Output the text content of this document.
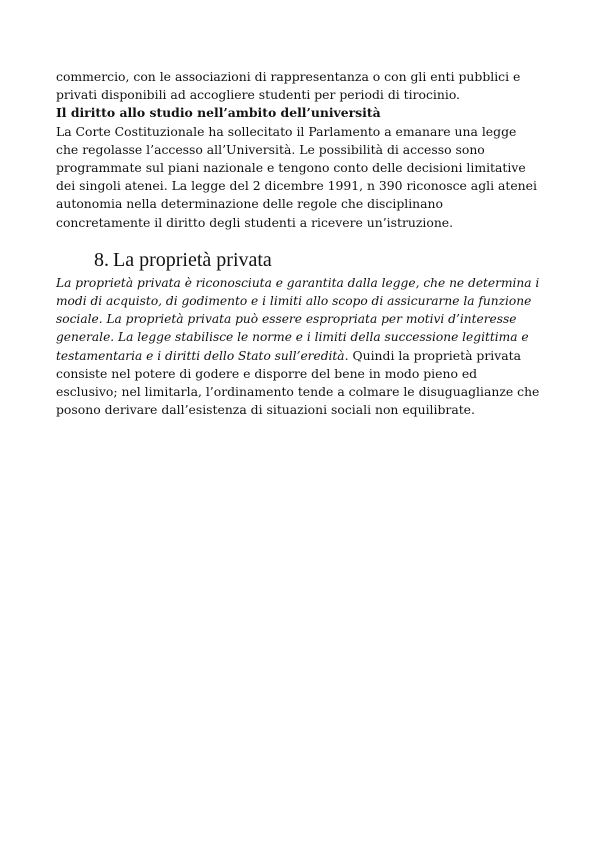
commercio, con le associazioni di rappresentanza o con gli enti pubblici e privati disponibili ad accogliere studenti per periodi di tirocinio.

Il diritto allo studio nell’ambito dell’università

La Corte Costituzionale ha sollecitato il Parlamento a emanare una legge che regolasse l’accesso all’Università. Le possibilità di accesso sono programmate sul piani nazionale e tengono conto delle decisioni limitative dei singoli atenei. La legge del 2 dicembre 1991, n 390 riconosce agli atenei autonomia nella determinazione delle regole che disciplinano concretamente il diritto degli studenti a ricevere un’istruzione.

8. La proprietà privata

La proprietà privata è riconosciuta e garantita dalla legge, che ne determina i modi di acquisto, di godimento e i limiti allo scopo di assicurarne la funzione sociale. La proprietà privata può essere espropriata per motivi d’interesse generale. La legge stabilisce le norme e i limiti della successione legittima e testamentaria e i diritti dello Stato sull’eredità. Quindi la proprietà privata consiste nel potere di godere e disporre del bene in modo pieno ed esclusivo; nel limitarla, l’ordinamento tende a colmare le disuguaglianze che posono derivare dall’esistenza di situazioni sociali non equilibrate.
